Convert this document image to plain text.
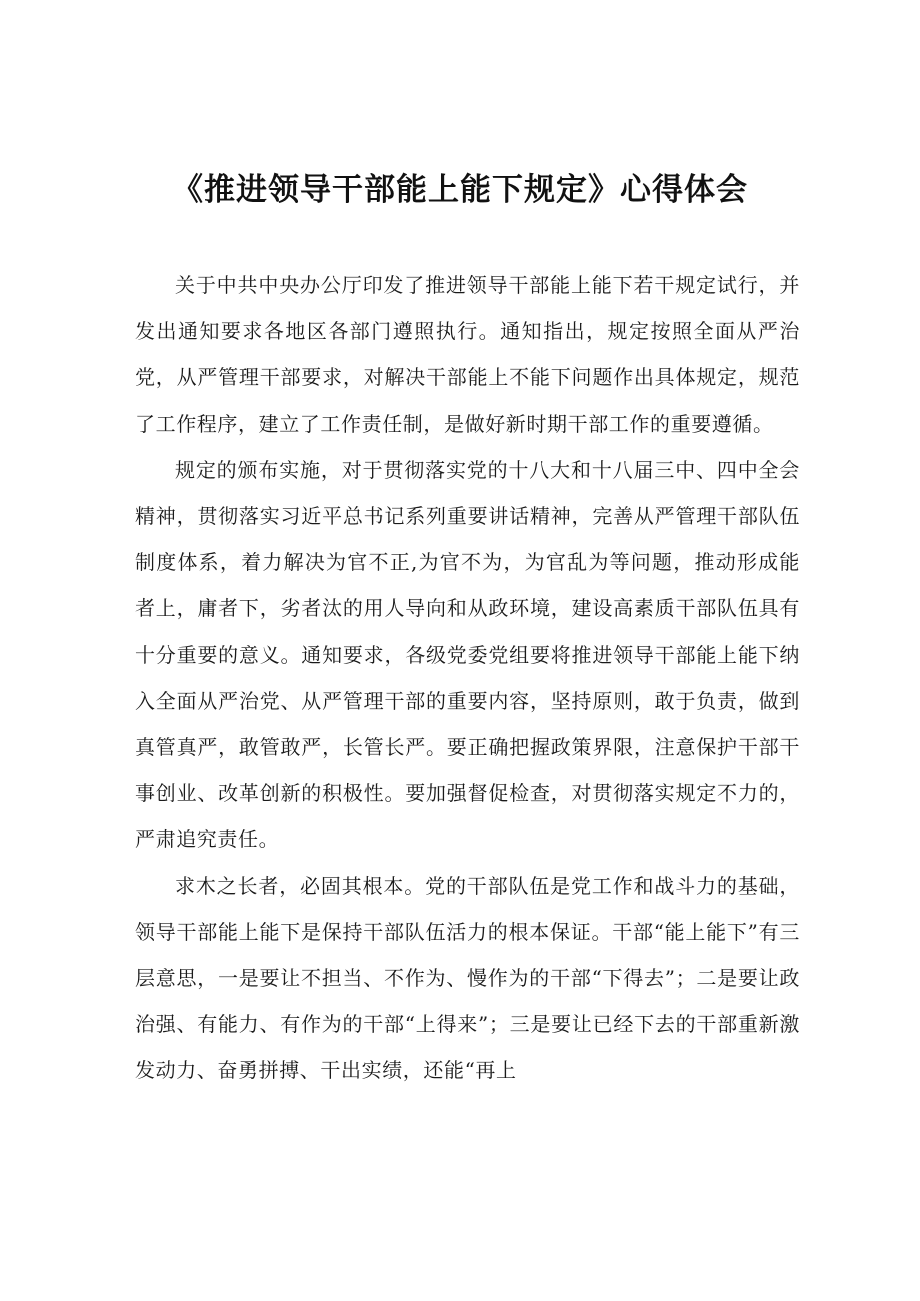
《推进领导干部能上能下规定》心得体会

关于中共中央办公厅印发了推进领导干部能上能下若干规定试行，并发出通知要求各地区各部门遵照执行。通知指出，规定按照全面从严治党，从严管理干部要求，对解决干部能上不能下问题作出具体规定，规范了工作程序，建立了工作责任制，是做好新时期干部工作的重要遵循。

规定的颁布实施，对于贯彻落实党的十八大和十八届三中、四中全会精神，贯彻落实习近平总书记系列重要讲话精神，完善从严管理干部队伍制度体系，着力解决为官不正,为官不为，为官乱为等问题，推动形成能者上，庸者下，劣者汰的用人导向和从政环境，建设高素质干部队伍具有十分重要的意义。通知要求，各级党委党组要将推进领导干部能上能下纳入全面从严治党、从严管理干部的重要内容，坚持原则，敢于负责，做到真管真严，敢管敢严，长管长严。要正确把握政策界限，注意保护干部干事创业、改革创新的积极性。要加强督促检查，对贯彻落实规定不力的，严肃追究责任。

求木之长者，必固其根本。党的干部队伍是党工作和战斗力的基础，领导干部能上能下是保持干部队伍活力的根本保证。干部“能上能下”有三层意思，一是要让不担当、不作为、慢作为的干部“下得去”；二是要让政治强、有能力、有作为的干部“上得来”；三是要让已经下去的干部重新激发动力、奋勇拼搏、干出实绩，还能“再上
